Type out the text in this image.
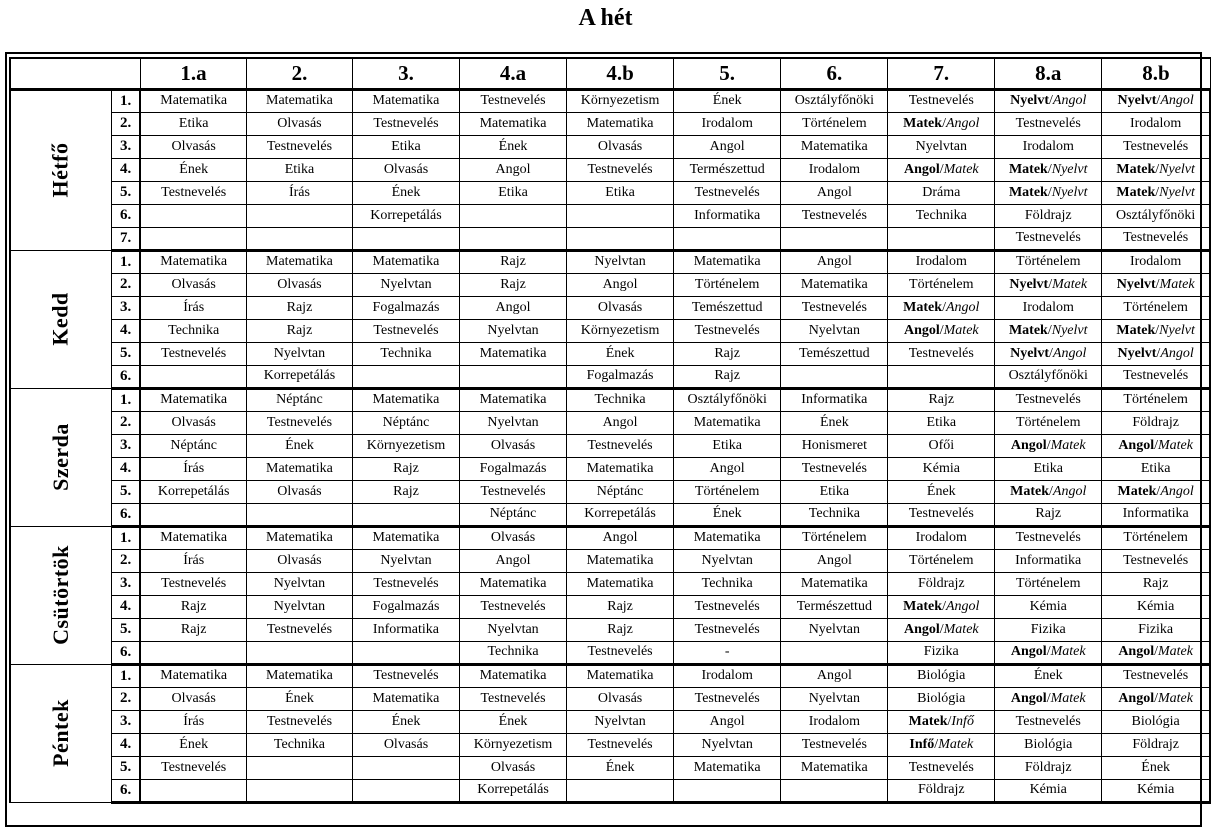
A hét
		1.a	2.	3.	4.a	4.b	5.	6.	7.	8.a	8.b
Hétfő	1.	Matematika	Matematika	Matematika	Testnevelés	Környezetism	Ének	Osztályfőnöki	Testnevelés	Nyelvt/Angol	Nyelvt/Angol
	2.	Etika	Olvasás	Testnevelés	Matematika	Matematika	Irodalom	Történelem	Matek/Angol	Testnevelés	Irodalom
	3.	Olvasás	Testnevelés	Etika	Ének	Olvasás	Angol	Matematika	Nyelvtan	Irodalom	Testnevelés
	4.	Ének	Etika	Olvasás	Angol	Testnevelés	Természettud	Irodalom	Angol/Matek	Matek/Nyelvt	Matek/Nyelvt
	5.	Testnevelés	Írás	Ének	Etika	Etika	Testnevelés	Angol	Dráma	Matek/Nyelvt	Matek/Nyelvt
	6.			Korrepetálás			Informatika	Testnevelés	Technika	Földrajz	Osztályfőnöki
	7.									Testnevelés	Testnevelés
Kedd	1.	Matematika	Matematika	Matematika	Rajz	Nyelvtan	Matematika	Angol	Irodalom	Történelem	Irodalom
	2.	Olvasás	Olvasás	Nyelvtan	Rajz	Angol	Történelem	Matematika	Történelem	Nyelvt/Matek	Nyelvt/Matek
	3.	Írás	Rajz	Fogalmazás	Angol	Olvasás	Temészettud	Testnevelés	Matek/Angol	Irodalom	Történelem
	4.	Technika	Rajz	Testnevelés	Nyelvtan	Környezetism	Testnevelés	Nyelvtan	Angol/Matek	Matek/Nyelvt	Matek/Nyelvt
	5.	Testnevelés	Nyelvtan	Technika	Matematika	Ének	Rajz	Temészettud	Testnevelés	Nyelvt/Angol	Nyelvt/Angol
	6.		Korrepetálás			Fogalmazás	Rajz			Osztályfőnöki	Testnevelés
Szerda	1.	Matematika	Néptánc	Matematika	Matematika	Technika	Osztályfőnöki	Informatika	Rajz	Testnevelés	Történelem
	2.	Olvasás	Testnevelés	Néptánc	Nyelvtan	Angol	Matematika	Ének	Etika	Történelem	Földrajz
	3.	Néptánc	Ének	Környezetism	Olvasás	Testnevelés	Etika	Honismeret	Ofői	Angol/Matek	Angol/Matek
	4.	Írás	Matematika	Rajz	Fogalmazás	Matematika	Angol	Testnevelés	Kémia	Etika	Etika
	5.	Korrepetálás	Olvasás	Rajz	Testnevelés	Néptánc	Történelem	Etika	Ének	Matek/Angol	Matek/Angol
	6.				Néptánc	Korrepetálás	Ének	Technika	Testnevelés	Rajz	Informatika
Csütörtök	1.	Matematika	Matematika	Matematika	Olvasás	Angol	Matematika	Történelem	Irodalom	Testnevelés	Történelem
	2.	Írás	Olvasás	Nyelvtan	Angol	Matematika	Nyelvtan	Angol	Történelem	Informatika	Testnevelés
	3.	Testnevelés	Nyelvtan	Testnevelés	Matematika	Matematika	Technika	Matematika	Földrajz	Történelem	Rajz
	4.	Rajz	Nyelvtan	Fogalmazás	Testnevelés	Rajz	Testnevelés	Természettud	Matek/Angol	Kémia	Kémia
	5.	Rajz	Testnevelés	Informatika	Nyelvtan	Rajz	Testnevelés	Nyelvtan	Angol/Matek	Fizika	Fizika
	6.				Technika	Testnevelés	-		Fizika	Angol/Matek	Angol/Matek
Péntek	1.	Matematika	Matematika	Testnevelés	Matematika	Matematika	Irodalom	Angol	Biológia	Ének	Testnevelés
	2.	Olvasás	Ének	Matematika	Testnevelés	Olvasás	Testnevelés	Nyelvtan	Biológia	Angol/Matek	Angol/Matek
	3.	Írás	Testnevelés	Ének	Ének	Nyelvtan	Angol	Irodalom	Matek/Infő	Testnevelés	Biológia
	4.	Ének	Technika	Olvasás	Környezetism	Testnevelés	Nyelvtan	Testnevelés	Infő/Matek	Biológia	Földrajz
	5.	Testnevelés			Olvasás	Ének	Matematika	Matematika	Testnevelés	Földrajz	Ének
	6.				Korrepetálás				Földrajz	Kémia	Kémia
